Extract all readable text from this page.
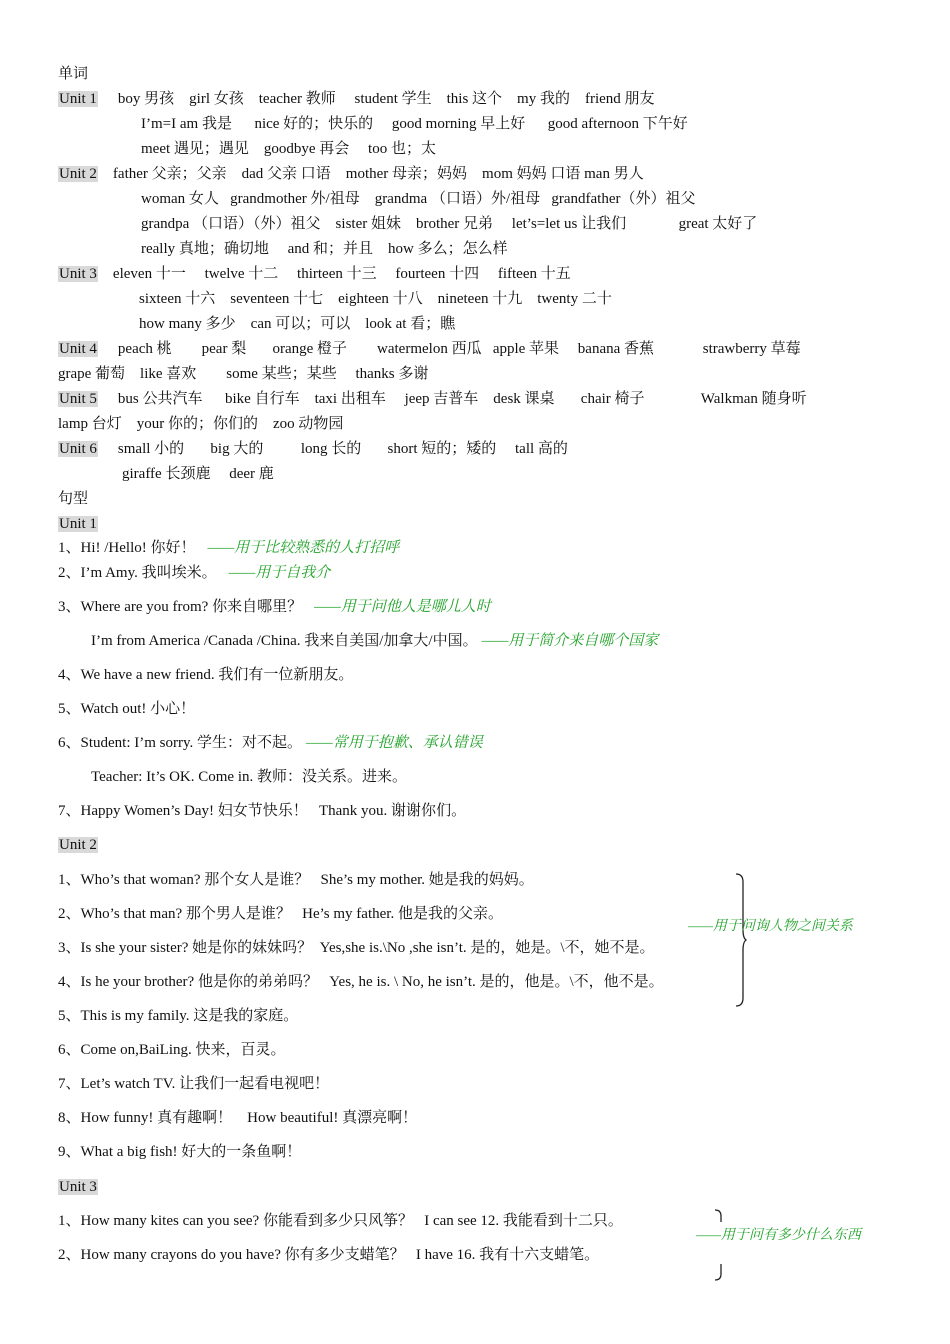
单词
Unit 1 boy 男孩    girl 女孩    teacher 教师     student 学生    this 这个    my 我的    friend 朋友
I’m=I am 我是      nice 好的；快乐的     good morning 早上好      good afternoon 下午好
meet 遇见；遇见    goodbye 再会     too 也；太
Unit 2 father 父亲；父亲    dad 父亲 口语    mother 母亲；妈妈    mom 妈妈 口语 man 男人
woman 女人   grandmother 外/祖母    grandma （口语）外/祖母   grandfather（外）祖父
grandpa （口语）（外）祖父    sister 姐妹    brother 兄弟     let’s=let us 让我们              great 太好了
really 真地；确切地     and 和；并且    how 多么；怎么样
Unit 3 eleven 十一     twelve 十二     thirteen 十三     fourteen 十四     fifteen 十五
sixteen 十六    seventeen 十七    eighteen 十八    nineteen 十九    twenty 二十
how many 多少    can 可以；可以    look at 看；瞧
Unit 4 peach 桃        pear 梨       orange 橙子        watermelon 西瓜   apple 苹果     banana 香蕉             strawberry 草莓
grape 葡萄    like 喜欢        some 某些；某些     thanks 多谢
Unit 5 bus 公共汽车      bike 自行车    taxi 出租车     jeep 吉普车    desk 课桌       chair 椅子               Walkman 随身听
lamp 台灯    your 你的；你们的    zoo 动物园
Unit 6 small 小的       big 大的          long 长的       short 短的；矮的     tall 高的
giraffe 长颈鹿     deer 鹿
句型
Unit 1
1、Hi! /Hello! 你好！ ——用于比较熟悉的人打招呼
2、I’m Amy. 我叫埃米。 ——用于自我介
3、Where are you from? 你来自哪里？ ——用于问他人是哪儿人时
I’m from America /Canada /China. 我来自美国/加拿大/中国。 ——用于简介来自哪个国家
4、We have a new friend. 我们有一位新朋友。
5、Watch out! 小心！
6、Student: I’m sorry. 学生：对不起。 ——常用于抱歉、承认错误
Teacher: It’s OK. Come in. 教师：没关系。进来。
7、Happy Women’s Day! 妇女节快乐！   Thank you. 谢谢你们。
Unit 2
1、Who’s that woman? 那个女人是谁？   She’s my mother. 她是我的妈妈。
2、Who’s that man? 那个男人是谁？   He’s my father. 他是我的父亲。
3、Is she your sister? 她是你的妹妹吗？  Yes,she is.\No ,she isn’t. 是的，她是。\不，她不是。
4、Is he your brother? 他是你的弟弟吗？   Yes, he is. \ No, he isn’t. 是的，他是。\不，他不是。
5、This is my family. 这是我的家庭。
6、Come on,BaiLing. 快来，百灵。
7、Let’s watch TV. 让我们一起看电视吧！
8、How funny! 真有趣啊！    How beautiful! 真漂亮啊！
9、What a big fish! 好大的一条鱼啊！
——用于问询人物之间关系
Unit 3
1、How many kites can you see? 你能看到多少只风筝？   I can see 12. 我能看到十二只。
2、How many crayons do you have? 你有多少支蜡笔？   I have 16. 我有十六支蜡笔。
——用于问有多少什么东西
